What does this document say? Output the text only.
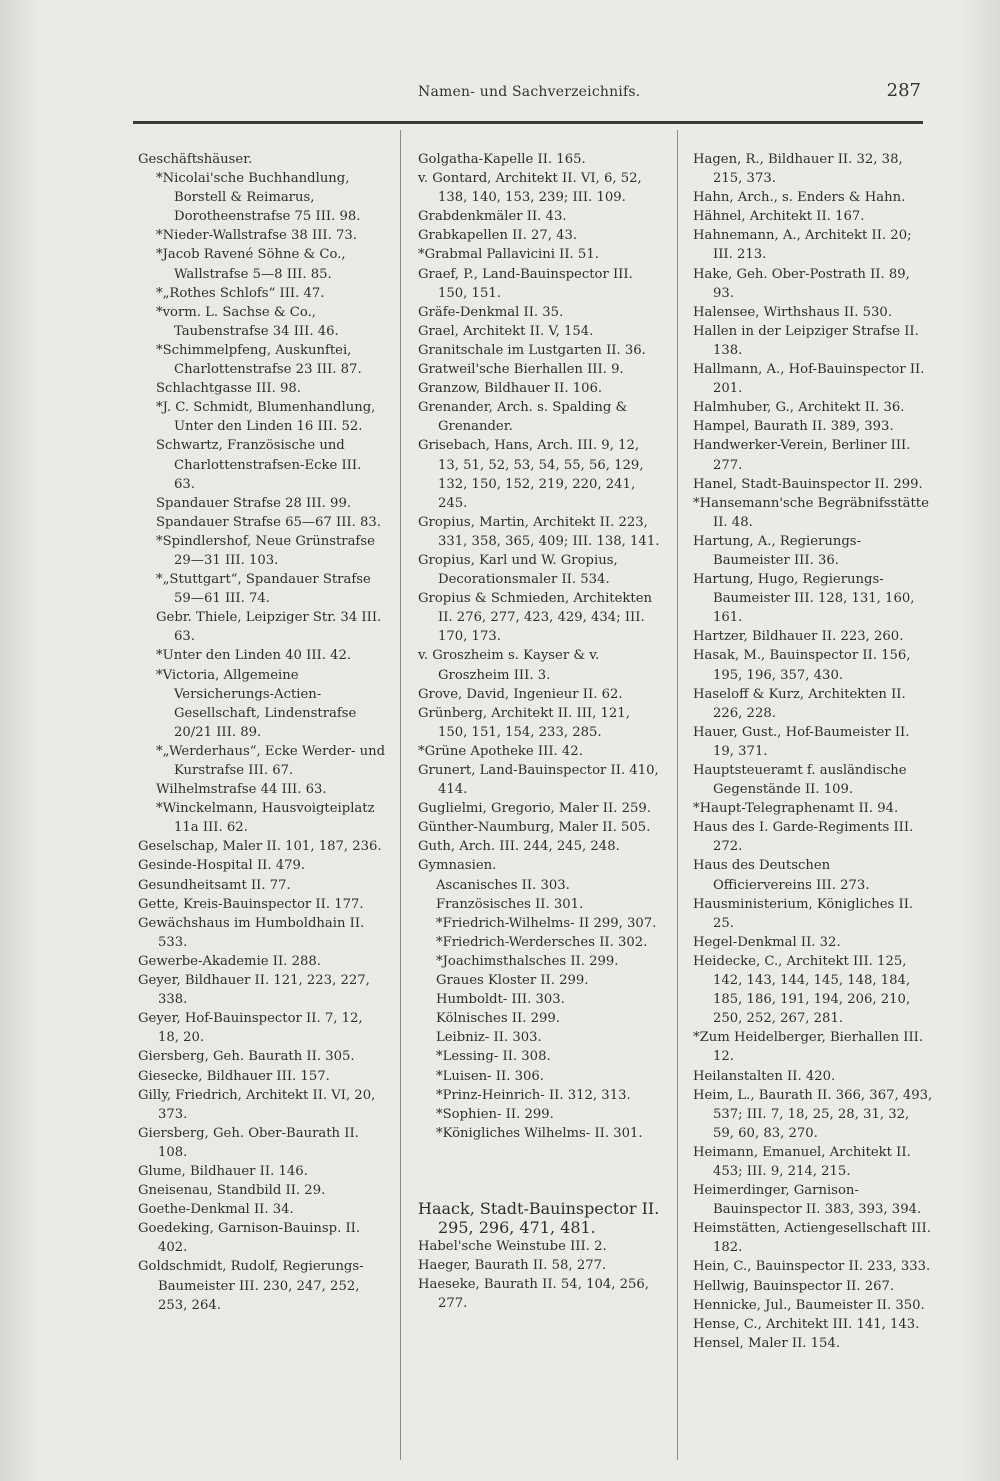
Namen- und Sachverzeichnifs.	287
Geschäftshäuser.
*Nicolai'sche Buchhandlung, Borstell & Reimarus, Dorotheenstrafse 75 III. 98.
*Nieder-Wallstrafse 38 III. 73.
*Jacob Ravené Söhne & Co., Wallstrafse 5—8 III. 85.
*„Rothes Schlofs“ III. 47.
*vorm. L. Sachse & Co., Taubenstrafse 34 III. 46.
*Schimmelpfeng, Auskunftei, Charlottenstrafse 23 III. 87.
Schlachtgasse III. 98.
*J. C. Schmidt, Blumenhandlung, Unter den Linden 16 III. 52.
Schwartz, Französische und Charlottenstrafsen-Ecke III. 63.
Spandauer Strafse 28 III. 99.
Spandauer Strafse 65—67 III. 83.
*Spindlershof, Neue Grünstrafse 29—31 III. 103.
*„Stuttgart“, Spandauer Strafse 59—61 III. 74.
Gebr. Thiele, Leipziger Str. 34 III. 63.
*Unter den Linden 40 III. 42.
*Victoria, Allgemeine Versicherungs-Actien-Gesellschaft, Lindenstrafse 20/21 III. 89.
*„Werderhaus“, Ecke Werder- und Kurstrafse III. 67.
Wilhelmstrafse 44 III. 63.
*Winckelmann, Hausvoigteiplatz 11a III. 62.
Geselschap, Maler II. 101, 187, 236.
Gesinde-Hospital II. 479.
Gesundheitsamt II. 77.
Gette, Kreis-Bauinspector II. 177.
Gewächshaus im Humboldhain II. 533.
Gewerbe-Akademie II. 288.
Geyer, Bildhauer II. 121, 223, 227, 338.
Geyer, Hof-Bauinspector II. 7, 12, 18, 20.
Giersberg, Geh. Baurath II. 305.
Giesecke, Bildhauer III. 157.
Gilly, Friedrich, Architekt II. VI, 20, 373.
Giersberg, Geh. Ober-Baurath II. 108.
Glume, Bildhauer II. 146.
Gneisenau, Standbild II. 29.
Goethe-Denkmal II. 34.
Goedeking, Garnison-Bauinsp. II. 402.
Goldschmidt, Rudolf, Regierungs-Baumeister III. 230, 247, 252, 253, 264.
Golgatha-Kapelle II. 165.
v. Gontard, Architekt II. VI, 6, 52, 138, 140, 153, 239; III. 109.
Grabdenkmäler II. 43.
Grabkapellen II. 27, 43.
*Grabmal Pallavicini II. 51.
Graef, P., Land-Bauinspector III. 150, 151.
Gräfe-Denkmal II. 35.
Grael, Architekt II. V, 154.
Granitschale im Lustgarten II. 36.
Gratweil'sche Bierhallen III. 9.
Granzow, Bildhauer II. 106.
Grenander, Arch. s. Spalding & Grenander.
Grisebach, Hans, Arch. III. 9, 12, 13, 51, 52, 53, 54, 55, 56, 129, 132, 150, 152, 219, 220, 241, 245.
Gropius, Martin, Architekt II. 223, 331, 358, 365, 409; III. 138, 141.
Gropius, Karl und W. Gropius, Decorationsmaler II. 534.
Gropius & Schmieden, Architekten II. 276, 277, 423, 429, 434; III. 170, 173.
v. Groszheim s. Kayser & v. Groszheim III. 3.
Grove, David, Ingenieur II. 62.
Grünberg, Architekt II. III, 121, 150, 151, 154, 233, 285.
*Grüne Apotheke III. 42.
Grunert, Land-Bauinspector II. 410, 414.
Guglielmi, Gregorio, Maler II. 259.
Günther-Naumburg, Maler II. 505.
Guth, Arch. III. 244, 245, 248.
Gymnasien.
Ascanisches II. 303.
Französisches II. 301.
*Friedrich-Wilhelms- II 299, 307.
*Friedrich-Werdersches II. 302.
*Joachimsthalsches II. 299.
Graues Kloster II. 299.
Humboldt- III. 303.
Kölnisches II. 299.
Leibniz- II. 303.
*Lessing- II. 308.
*Luisen- II. 306.
*Prinz-Heinrich- II. 312, 313.
*Sophien- II. 299.
*Königliches Wilhelms- II. 301.
Haack, Stadt-Bauinspector II. 295, 296, 471, 481.
Habel'sche Weinstube III. 2.
Haeger, Baurath II. 58, 277.
Haeseke, Baurath II. 54, 104, 256, 277.
Hagen, R., Bildhauer II. 32, 38, 215, 373.
Hahn, Arch., s. Enders & Hahn.
Hähnel, Architekt II. 167.
Hahnemann, A., Architekt II. 20; III. 213.
Hake, Geh. Ober-Postrath II. 89, 93.
Halensee, Wirthshaus II. 530.
Hallen in der Leipziger Strafse II. 138.
Hallmann, A., Hof-Bauinspector II. 201.
Halmhuber, G., Architekt II. 36.
Hampel, Baurath II. 389, 393.
Handwerker-Verein, Berliner III. 277.
Hanel, Stadt-Bauinspector II. 299.
*Hansemann'sche Begräbnifsstätte II. 48.
Hartung, A., Regierungs-Baumeister III. 36.
Hartung, Hugo, Regierungs-Baumeister III. 128, 131, 160, 161.
Hartzer, Bildhauer II. 223, 260.
Hasak, M., Bauinspector II. 156, 195, 196, 357, 430.
Haseloff & Kurz, Architekten II. 226, 228.
Hauer, Gust., Hof-Baumeister II. 19, 371.
Hauptsteueramt f. ausländische Gegenstände II. 109.
*Haupt-Telegraphenamt II. 94.
Haus des I. Garde-Regiments III. 272.
Haus des Deutschen Officiervereins III. 273.
Hausministerium, Königliches II. 25.
Hegel-Denkmal II. 32.
Heidecke, C., Architekt III. 125, 142, 143, 144, 145, 148, 184, 185, 186, 191, 194, 206, 210, 250, 252, 267, 281.
*Zum Heidelberger, Bierhallen III. 12.
Heilanstalten II. 420.
Heim, L., Baurath II. 366, 367, 493, 537; III. 7, 18, 25, 28, 31, 32, 59, 60, 83, 270.
Heimann, Emanuel, Architekt II. 453; III. 9, 214, 215.
Heimerdinger, Garnison-Bauinspector II. 383, 393, 394.
Heimstätten, Actiengesellschaft III. 182.
Hein, C., Bauinspector II. 233, 333.
Hellwig, Bauinspector II. 267.
Hennicke, Jul., Baumeister II. 350.
Hense, C., Architekt III. 141, 143.
Hensel, Maler II. 154.
